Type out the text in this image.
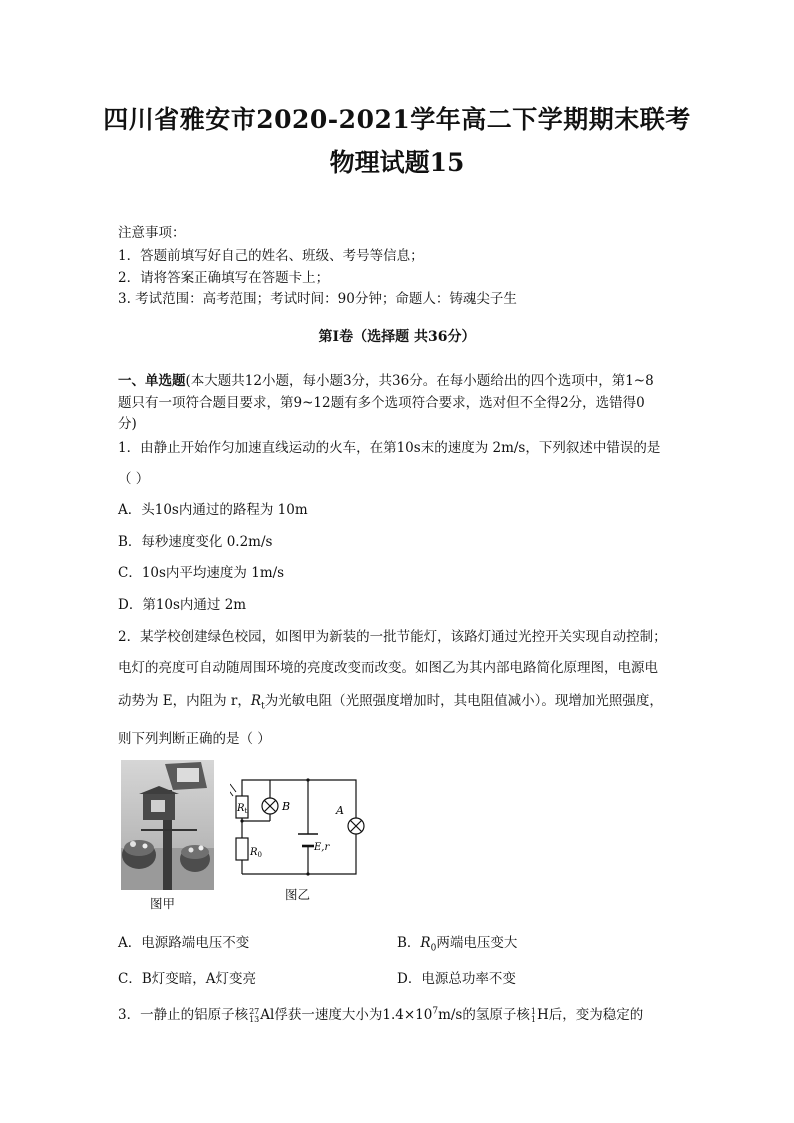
四川省雅安市2020-2021学年高二下学期期末联考
物理试题15
注意事项：
1．答题前填写好自己的姓名、班级、考号等信息；
2．请将答案正确填写在答题卡上；
3. 考试范围：高考范围；考试时间：90分钟；命题人：铸魂尖子生
第I卷（选择题 共36分）
一、单选题(本大题共12小题，每小题3分，共36分。在每小题给出的四个选项中，第1~8
题只有一项符合题目要求，第9~12题有多个选项符合要求，选对但不全得2分，选错得0
分)
1．由静止开始作匀加速直线运动的火车，在第10s末的速度为 2m/s，下列叙述中错误的是
（ ）
A．头10s内通过的路程为 10m
B．每秒速度变化 0.2m/s
C．10s内平均速度为 1m/s
D．第10s内通过 2m
2．某学校创建绿色校园，如图甲为新装的一批节能灯，该路灯通过光控开关实现自动控制；
电灯的亮度可自动随周围环境的亮度改变而改变。如图乙为其内部电路简化原理图，电源电
动势为 E，内阻为 r，$R_t$为光敏电阻（光照强度增加时，其电阻值减小）。现增加光照强度，
则下列判断正确的是（ ）
图甲
$R_t$	B	A
$R_0$
E,r
图乙
A．电源路端电压不变	B．$R_0$两端电压变大
C．B灯变暗，A灯变亮	D．电源总功率不变
3．一静止的铝原子核27
13Al俘获一速度大小为$1.4\times 10^7m/s$的氢原子核1
1H后，变为稳定的
